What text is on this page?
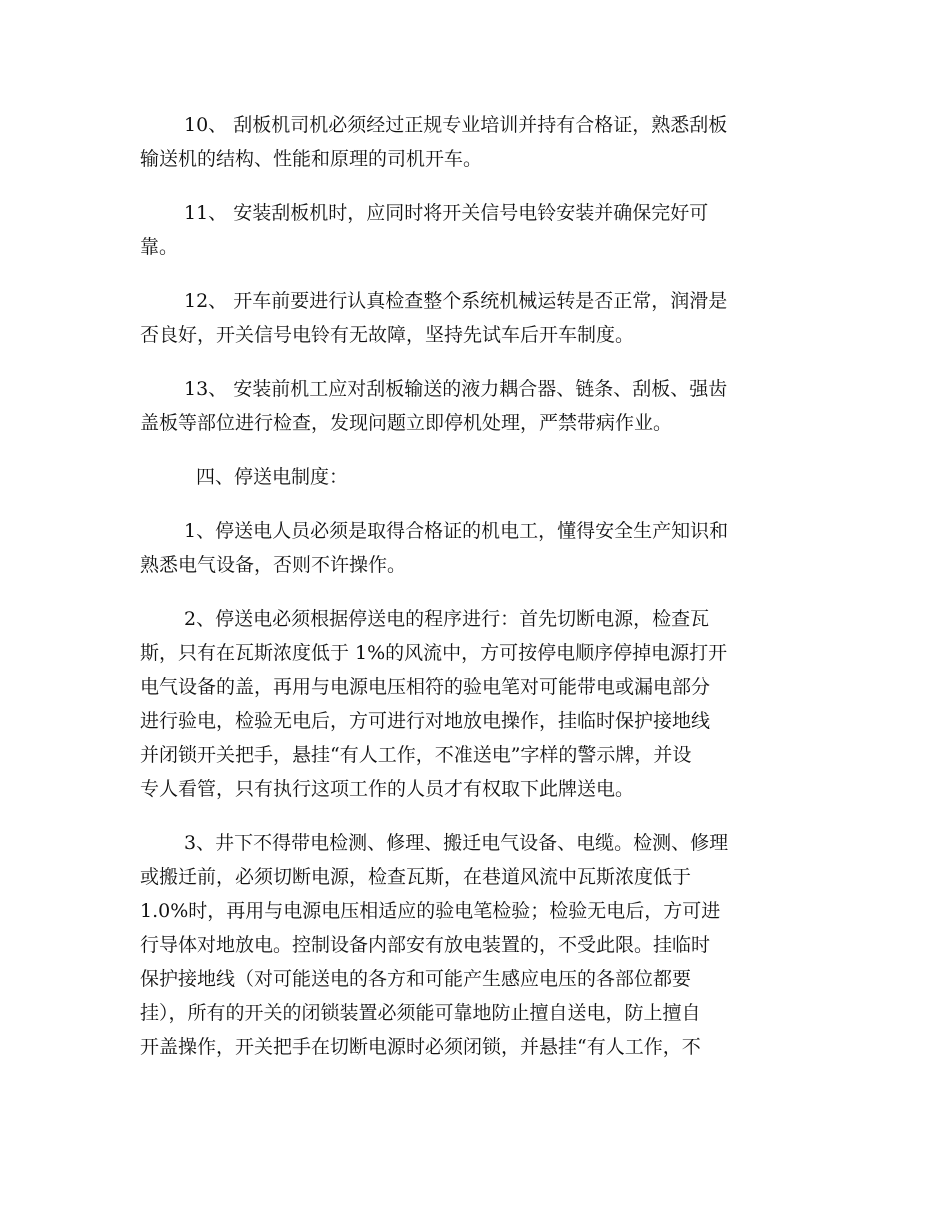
10、 刮板机司机必须经过正规专业培训并持有合格证，熟悉刮板
输送机的结构、性能和原理的司机开车。
11、 安装刮板机时，应同时将开关信号电铃安装并确保完好可
靠。
12、 开车前要进行认真检查整个系统机械运转是否正常，润滑是
否良好，开关信号电铃有无故障，坚持先试车后开车制度。
13、 安装前机工应对刮板输送的液力耦合器、链条、刮板、强齿
盖板等部位进行检查，发现问题立即停机处理，严禁带病作业。
四、停送电制度：
1、停送电人员必须是取得合格证的机电工，懂得安全生产知识和
熟悉电气设备，否则不许操作。
2、停送电必须根据停送电的程序进行：首先切断电源，检查瓦
斯，只有在瓦斯浓度低于 1%的风流中，方可按停电顺序停掉电源打开
电气设备的盖，再用与电源电压相符的验电笔对可能带电或漏电部分
进行验电，检验无电后，方可进行对地放电操作，挂临时保护接地线
并闭锁开关把手，悬挂“有人工作，不准送电”字样的警示牌，并设
专人看管，只有执行这项工作的人员才有权取下此牌送电。
3、井下不得带电检测、修理、搬迁电气设备、电缆。检测、修理
或搬迁前，必须切断电源，检查瓦斯，在巷道风流中瓦斯浓度低于
1.0%时，再用与电源电压相适应的验电笔检验；检验无电后，方可进
行导体对地放电。控制设备内部安有放电装置的，不受此限。挂临时
保护接地线（对可能送电的各方和可能产生感应电压的各部位都要
挂），所有的开关的闭锁装置必须能可靠地防止擅自送电，防上擅自
开盖操作，开关把手在切断电源时必须闭锁，并悬挂“有人工作，不
